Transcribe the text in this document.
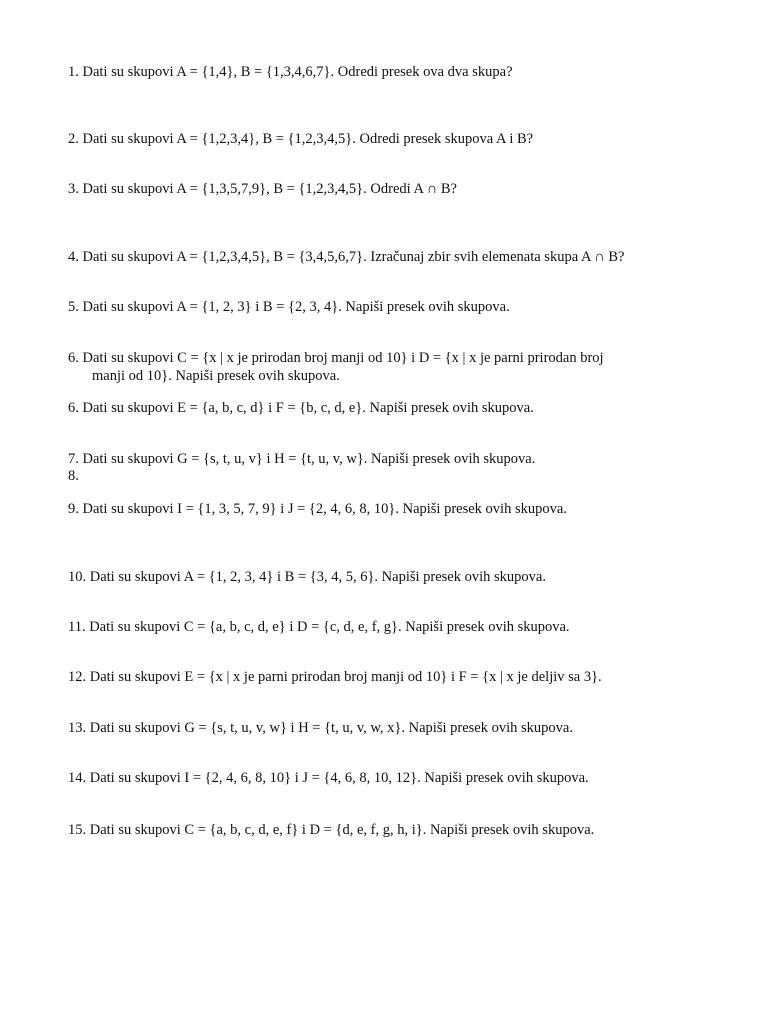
1. Dati su skupovi A = {1,4}, B = {1,3,4,6,7}. Odredi presek ova dva skupa?
2. Dati su skupovi A = {1,2,3,4}, B = {1,2,3,4,5}. Odredi presek skupova A i B?
3. Dati su skupovi A = {1,3,5,7,9}, B = {1,2,3,4,5}. Odredi A ∩ B?
4. Dati su skupovi A = {1,2,3,4,5}, B = {3,4,5,6,7}. Izračunaj zbir svih elemenata skupa A ∩ B?
5. Dati su skupovi A = {1, 2, 3} i B = {2, 3, 4}. Napiši presek ovih skupova.
6. Dati su skupovi C = {x | x je prirodan broj manji od 10} i D = {x | x je parni prirodan broj
manji od 10}. Napiši presek ovih skupova.
6. Dati su skupovi E = {a, b, c, d} i F = {b, c, d, e}. Napiši presek ovih skupova.
7. Dati su skupovi G = {s, t, u, v} i H = {t, u, v, w}. Napiši presek ovih skupova.
8.
9. Dati su skupovi I = {1, 3, 5, 7, 9} i J = {2, 4, 6, 8, 10}. Napiši presek ovih skupova.
10. Dati su skupovi A = {1, 2, 3, 4} i B = {3, 4, 5, 6}. Napiši presek ovih skupova.
11. Dati su skupovi C = {a, b, c, d, e} i D = {c, d, e, f, g}. Napiši presek ovih skupova.
12. Dati su skupovi E = {x | x je parni prirodan broj manji od 10} i F = {x | x je deljiv sa 3}.
13. Dati su skupovi G = {s, t, u, v, w} i H = {t, u, v, w, x}. Napiši presek ovih skupova.
14. Dati su skupovi I = {2, 4, 6, 8, 10} i J = {4, 6, 8, 10, 12}. Napiši presek ovih skupova.
15. Dati su skupovi C = {a, b, c, d, e, f} i D = {d, e, f, g, h, i}. Napiši presek ovih skupova.
